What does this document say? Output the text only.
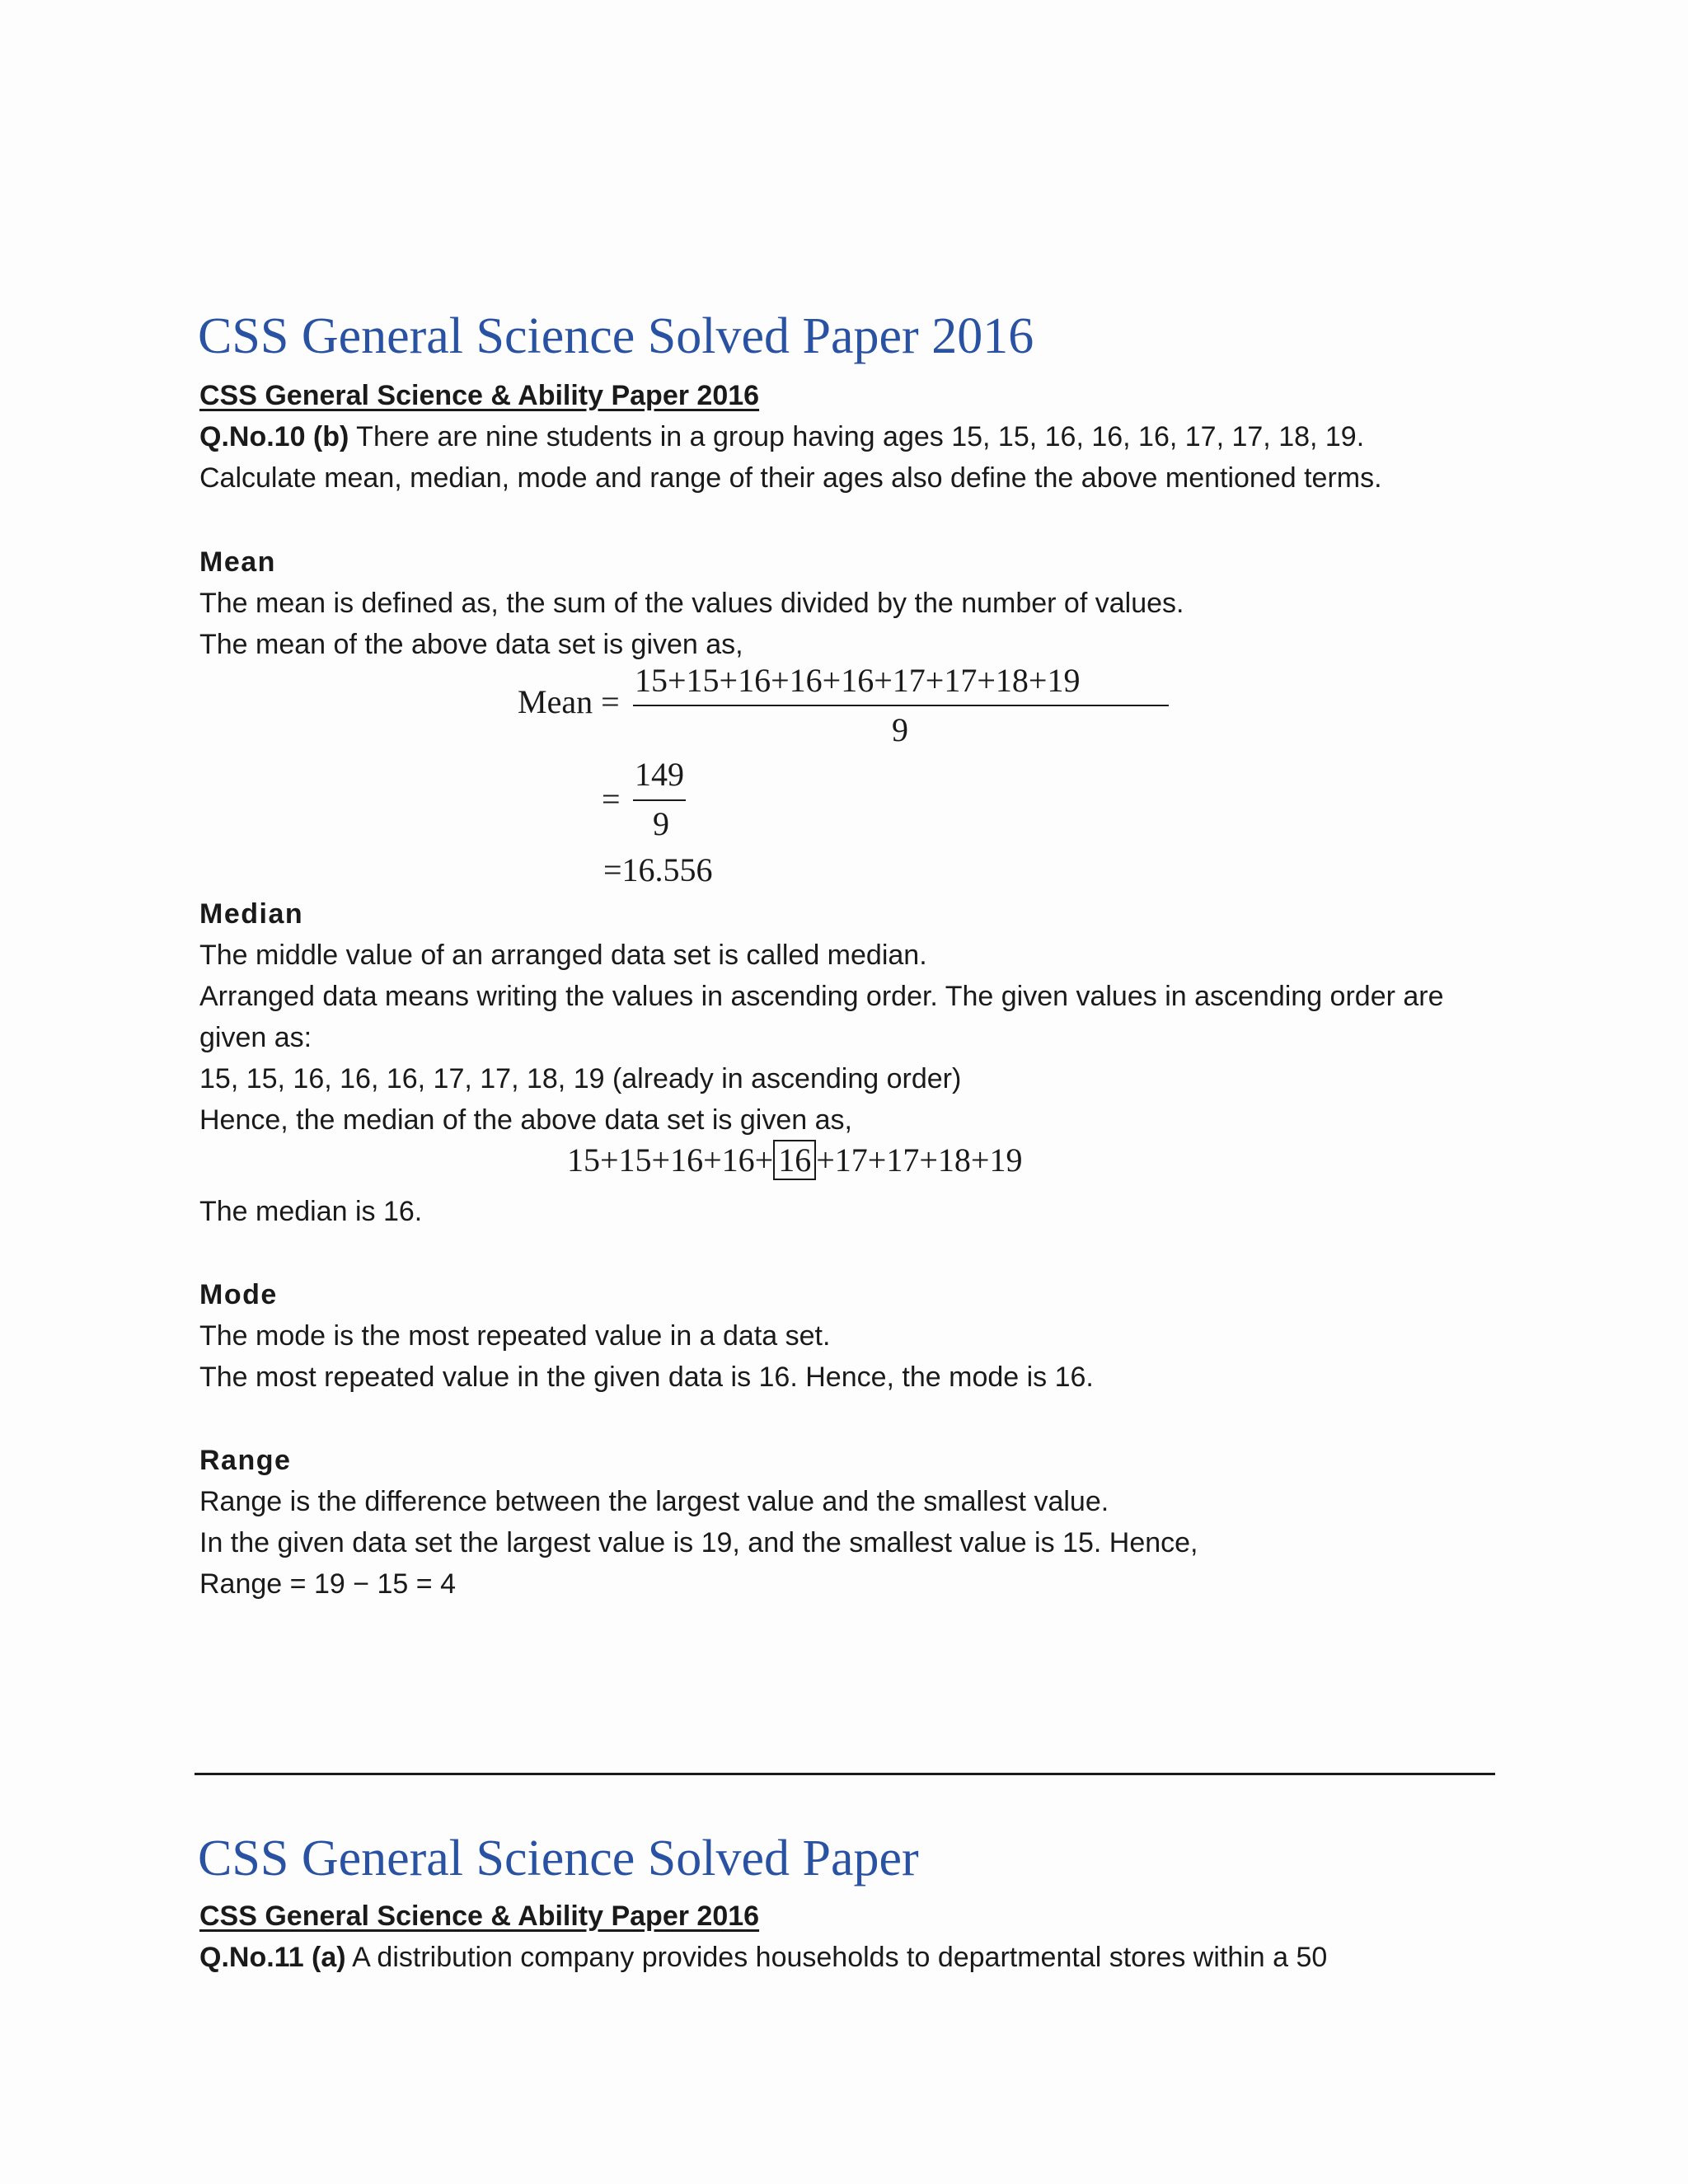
CSS General Science Solved Paper 2016

CSS General Science & Ability Paper 2016

Q.No.10 (b) There are nine students in a group having ages 15, 15, 16, 16, 16, 17, 17, 18, 19.

Calculate mean, median, mode and range of their ages also define the above mentioned terms.

Mean

The mean is defined as, the sum of the values divided by the number of values.

The mean of the above data set is given as,

Mean =
15+15+16+16+16+17+17+18+19
9
=
149
9
=16.556

Median

The middle value of an arranged data set is called median.

Arranged data means writing the values in ascending order. The given values in ascending order are

given as:

15, 15, 16, 16, 16, 17, 17, 18, 19 (already in ascending order)

Hence, the median of the above data set is given as,

15+15+16+16+ 16 +17+17+18+19

The median is 16.

Mode

The mode is the most repeated value in a data set.

The most repeated value in the given data is 16. Hence, the mode is 16.

Range

Range is the difference between the largest value and the smallest value.

In the given data set the largest value is 19, and the smallest value is 15. Hence,

Range = 19 − 15 = 4

CSS General Science Solved Paper

CSS General Science & Ability Paper 2016

Q.No.11 (a) A distribution company provides households to departmental stores within a 50
